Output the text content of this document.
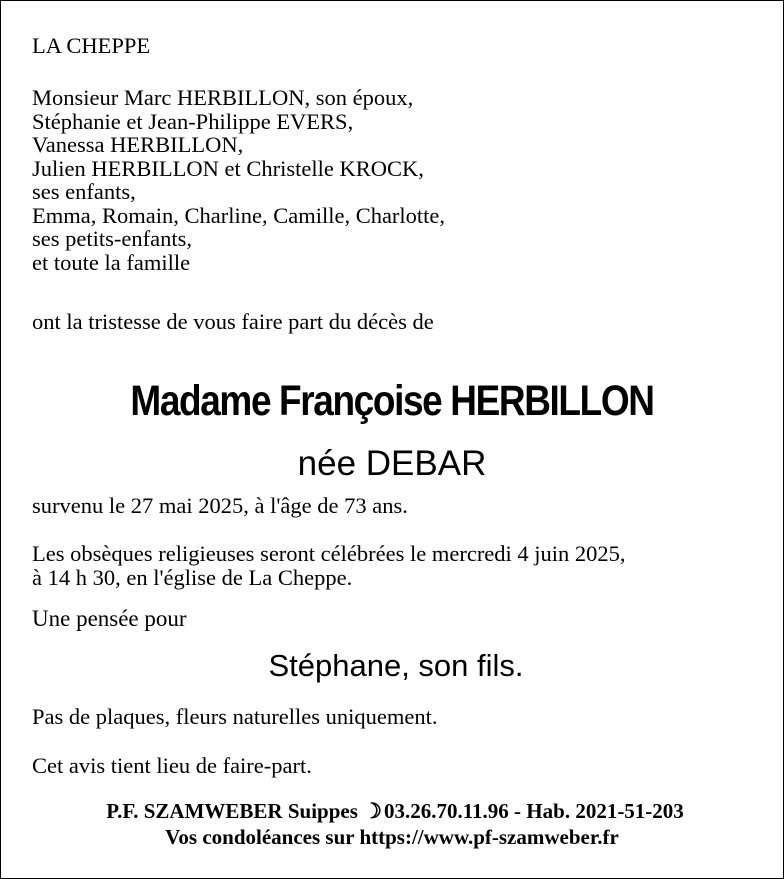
LA CHEPPE
Monsieur Marc HERBILLON, son époux,
Stéphanie et Jean-Philippe EVERS,
Vanessa HERBILLON,
Julien HERBILLON et Christelle KROCK,
ses enfants,
Emma, Romain, Charline, Camille, Charlotte,
ses petits-enfants,
et toute la famille
ont la tristesse de vous faire part du décès de
Madame Françoise HERBILLON
née DEBAR
survenu le 27 mai 2025, à l'âge de 73 ans.
Les obsèques religieuses seront célébrées le mercredi 4 juin 2025,
à 14 h 30, en l'église de La Cheppe.
Une pensée pour
Stéphane, son fils.
Pas de plaques, fleurs naturelles uniquement.
Cet avis tient lieu de faire-part.
P.F. SZAMWEBER Suippes ☽03.26.70.11.96 - Hab. 2021-51-203
Vos condoléances sur https://www.pf-szamweber.fr
